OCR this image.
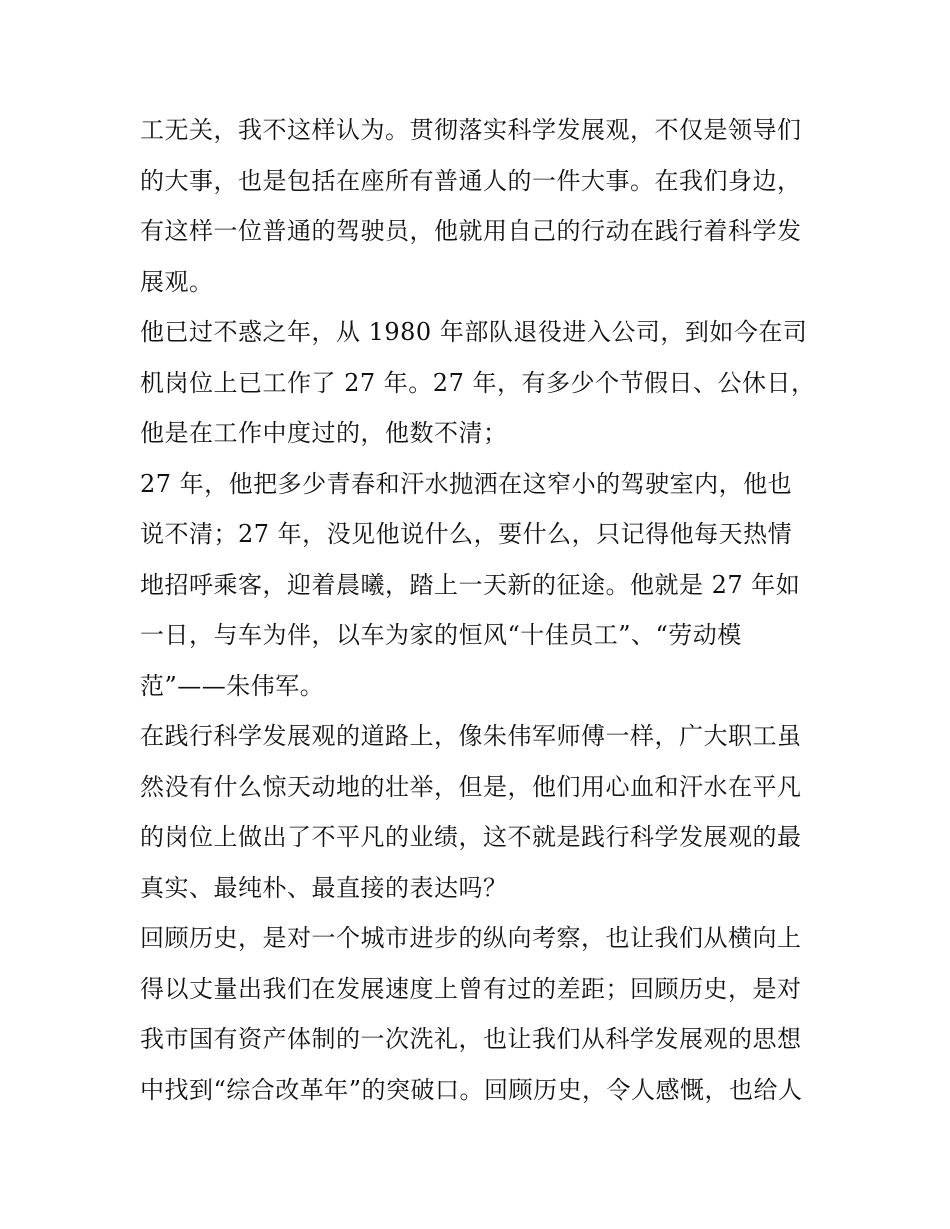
工无关，我不这样认为。贯彻落实科学发展观，不仅是领导们
的大事，也是包括在座所有普通人的一件大事。在我们身边，
有这样一位普通的驾驶员，他就用自己的行动在践行着科学发
展观。
他已过不惑之年，从 1980 年部队退役进入公司，到如今在司
机岗位上已工作了 27 年。27 年，有多少个节假日、公休日，
他是在工作中度过的，他数不清；
27 年，他把多少青春和汗水抛洒在这窄小的驾驶室内，他也
说不清；27 年，没见他说什么，要什么，只记得他每天热情
地招呼乘客，迎着晨曦，踏上一天新的征途。他就是 27 年如
一日，与车为伴，以车为家的恒风“十佳员工”、“劳动模
范”——朱伟军。
在践行科学发展观的道路上，像朱伟军师傅一样，广大职工虽
然没有什么惊天动地的壮举，但是，他们用心血和汗水在平凡
的岗位上做出了不平凡的业绩，这不就是践行科学发展观的最
真实、最纯朴、最直接的表达吗？
回顾历史，是对一个城市进步的纵向考察，也让我们从横向上
得以丈量出我们在发展速度上曾有过的差距；回顾历史，是对
我市国有资产体制的一次洗礼，也让我们从科学发展观的思想
中找到“综合改革年”的突破口。回顾历史，令人感慨，也给人
